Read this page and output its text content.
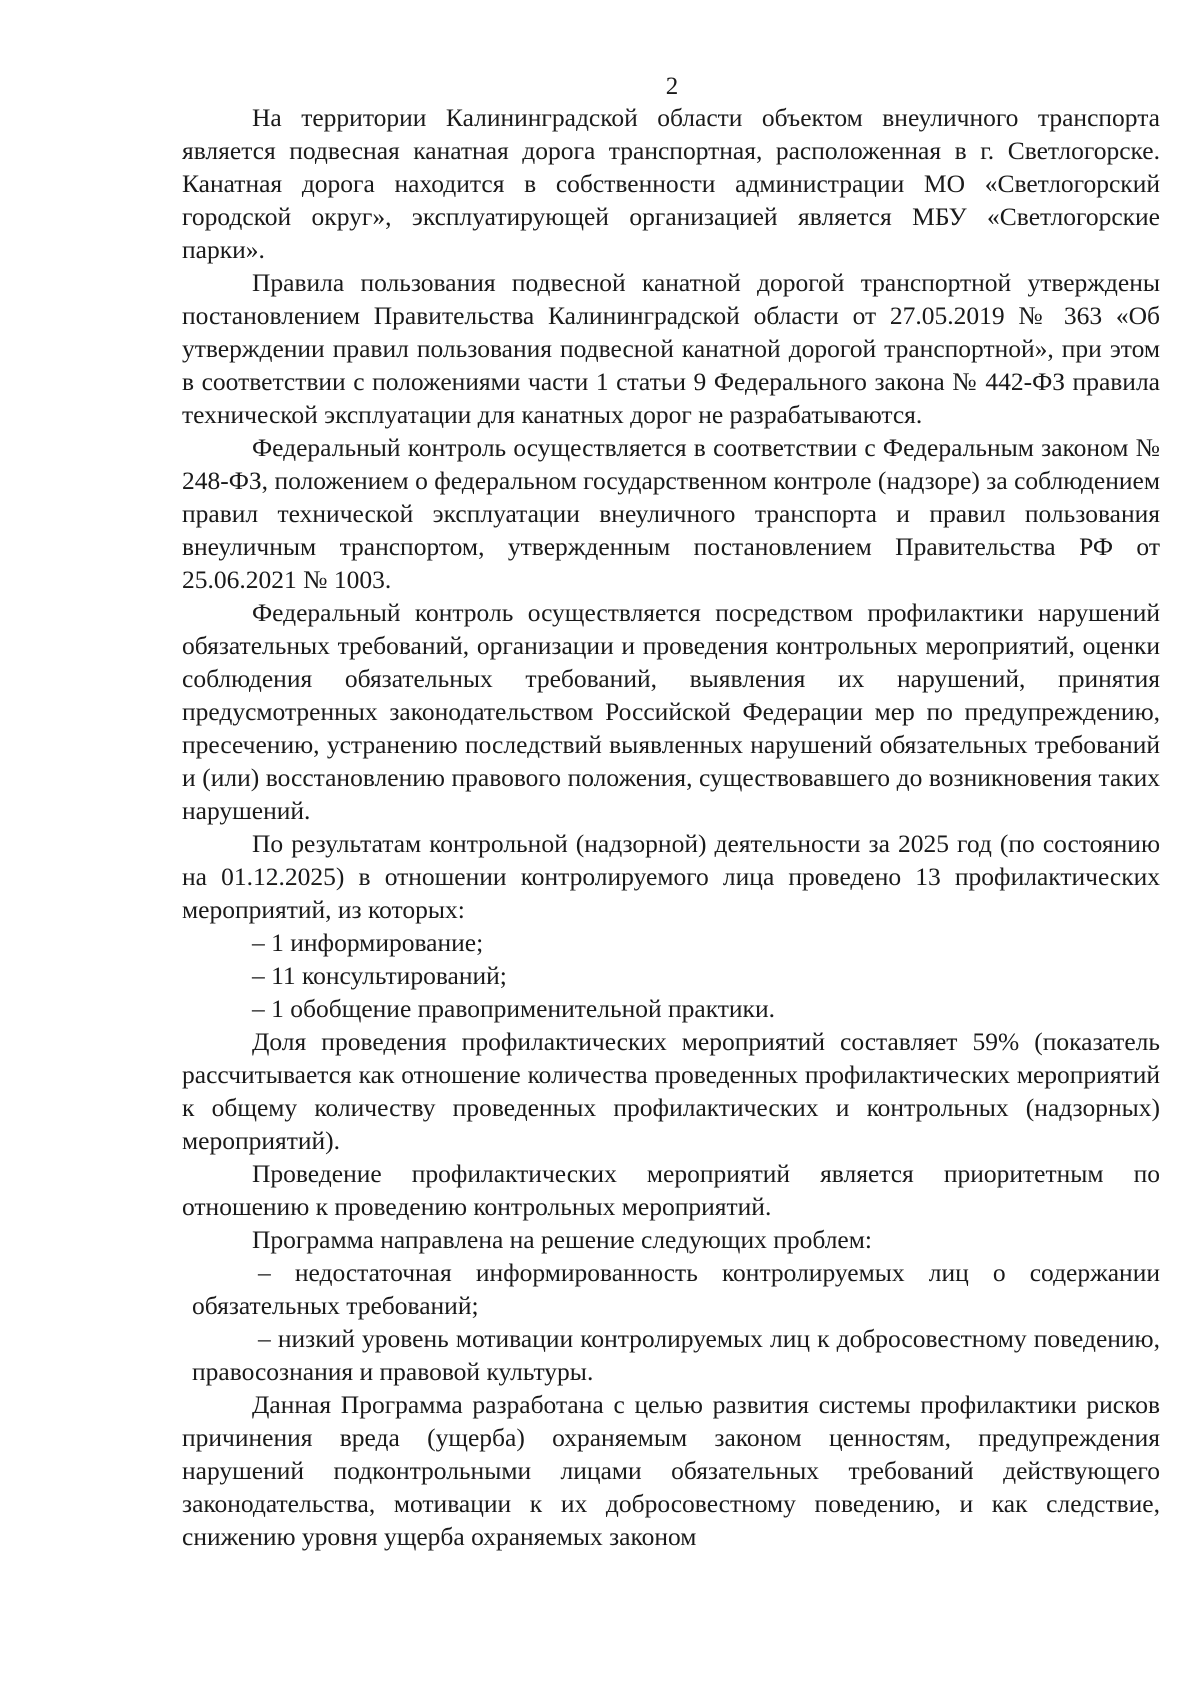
2

На территории Калининградской области объектом внеуличного транспорта является подвесная канатная дорога транспортная, расположенная в г. Светлогорске. Канатная дорога находится в собственности администрации МО «Светлогорский городской округ», эксплуатирующей организацией является МБУ «Светлогорские парки».

Правила пользования подвесной канатной дорогой транспортной утверждены постановлением Правительства Калининградской области от 27.05.2019 № 363 «Об утверждении правил пользования подвесной канатной дорогой транспортной», при этом в соответствии с положениями части 1 статьи 9 Федерального закона № 442-ФЗ правила технической эксплуатации для канатных дорог не разрабатываются.

Федеральный контроль осуществляется в соответствии с Федеральным законом № 248-ФЗ, положением о федеральном государственном контроле (надзоре) за соблюдением правил технической эксплуатации внеуличного транспорта и правил пользования внеуличным транспортом, утвержденным постановлением Правительства РФ от 25.06.2021 № 1003.

Федеральный контроль осуществляется посредством профилактики нарушений обязательных требований, организации и проведения контрольных мероприятий, оценки соблюдения обязательных требований, выявления их нарушений, принятия предусмотренных законодательством Российской Федерации мер по предупреждению, пресечению, устранению последствий выявленных нарушений обязательных требований и (или) восстановлению правового положения, существовавшего до возникновения таких нарушений.

По результатам контрольной (надзорной) деятельности за 2025 год (по состоянию на 01.12.2025) в отношении контролируемого лица проведено 13 профилактических мероприятий, из которых:

– 1 информирование;

– 11 консультирований;

– 1 обобщение правоприменительной практики.

Доля проведения профилактических мероприятий составляет 59% (показатель рассчитывается как отношение количества проведенных профилактических мероприятий к общему количеству проведенных профилактических и контрольных (надзорных) мероприятий).

Проведение профилактических мероприятий является приоритетным по отношению к проведению контрольных мероприятий.

Программа направлена на решение следующих проблем:

– недостаточная информированность контролируемых лиц о содержании обязательных требований;

– низкий уровень мотивации контролируемых лиц к добросовестному поведению, правосознания и правовой культуры.

Данная Программа разработана с целью развития системы профилактики рисков причинения вреда (ущерба) охраняемым законом ценностям, предупреждения нарушений подконтрольными лицами обязательных требований действующего законодательства, мотивации к их добросовестному поведению, и как следствие, снижению уровня ущерба охраняемых законом
